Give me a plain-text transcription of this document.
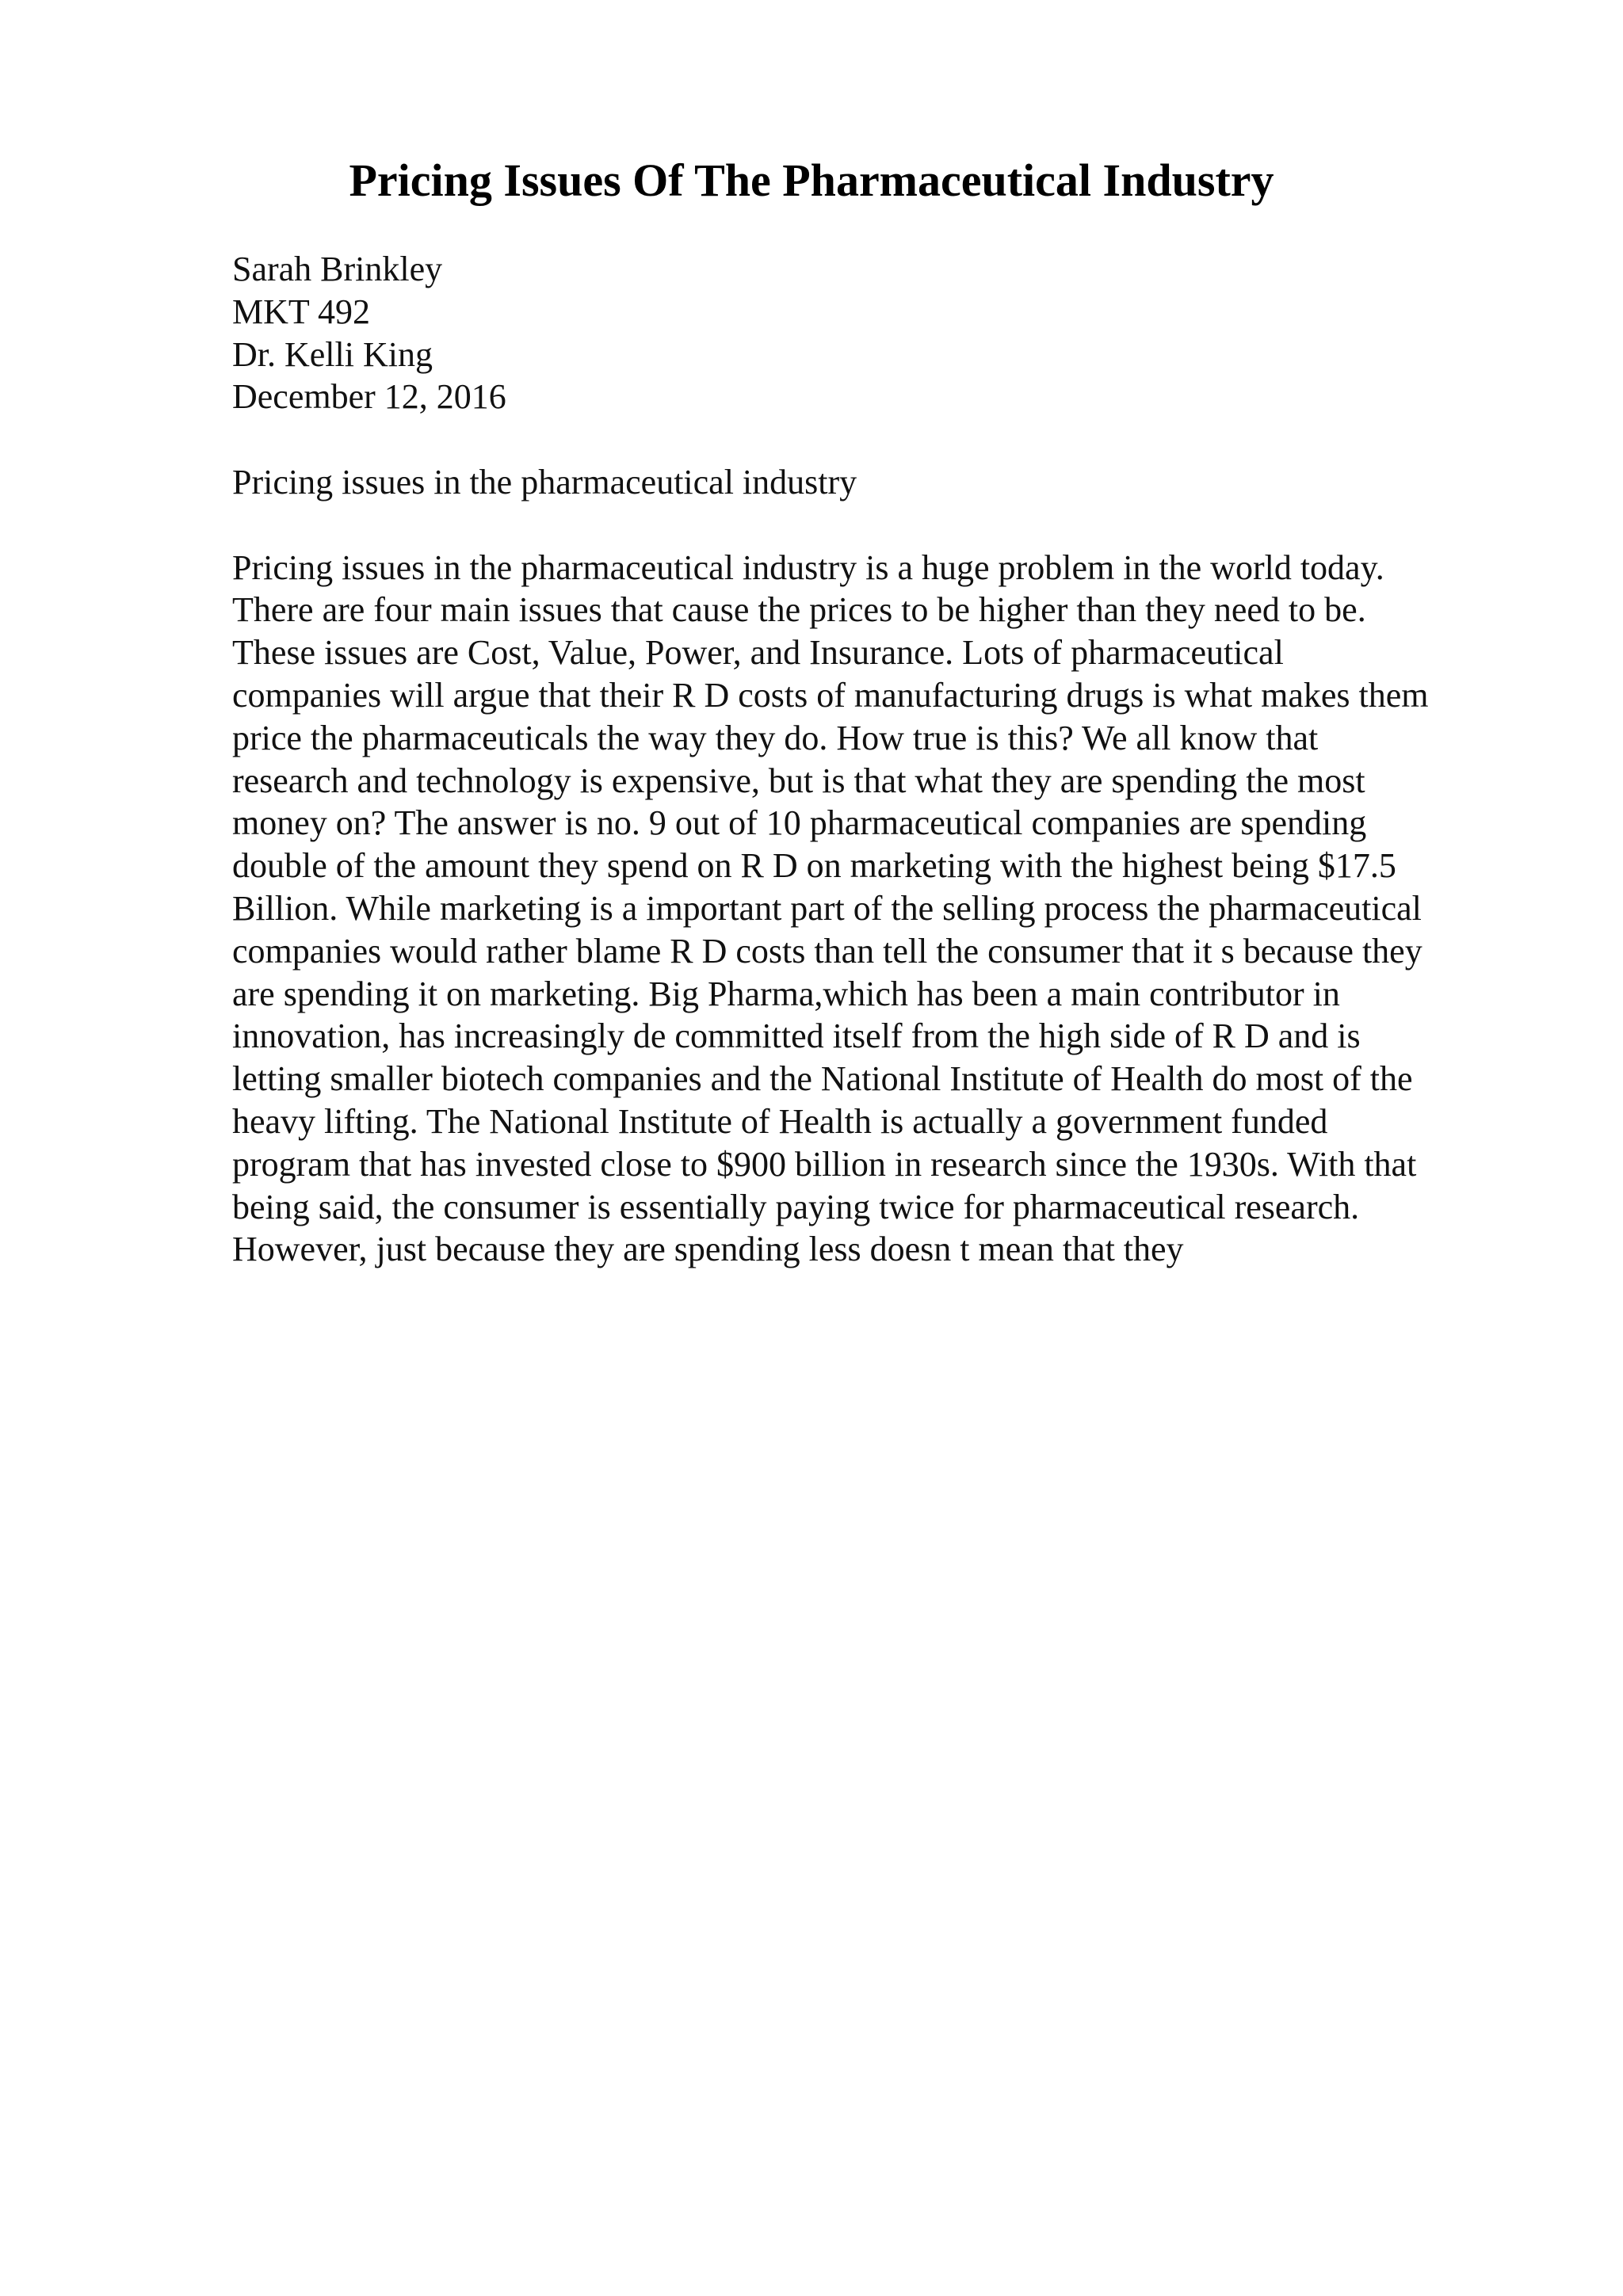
Pricing Issues Of The Pharmaceutical Industry
Sarah Brinkley
MKT 492
Dr. Kelli King
December 12, 2016
Pricing issues in the pharmaceutical industry
Pricing issues in the pharmaceutical industry is a huge problem in the world today.
There are four main issues that cause the prices to be higher than they need to be.
These issues are Cost, Value, Power, and Insurance. Lots of pharmaceutical
companies will argue that their R D costs of manufacturing drugs is what makes them
price the pharmaceuticals the way they do. How true is this? We all know that
research and technology is expensive, but is that what they are spending the most
money on? The answer is no. 9 out of 10 pharmaceutical companies are spending
double of the amount they spend on R D on marketing with the highest being $17.5
Billion. While marketing is a important part of the selling process the pharmaceutical
companies would rather blame R D costs than tell the consumer that it s because they
are spending it on marketing. Big Pharma,which has been a main contributor in
innovation, has increasingly de committed itself from the high side of R D and is
letting smaller biotech companies and the National Institute of Health do most of the
heavy lifting. The National Institute of Health is actually a government funded
program that has invested close to $900 billion in research since the 1930s. With that
being said, the consumer is essentially paying twice for pharmaceutical research.
However, just because they are spending less doesn t mean that they
